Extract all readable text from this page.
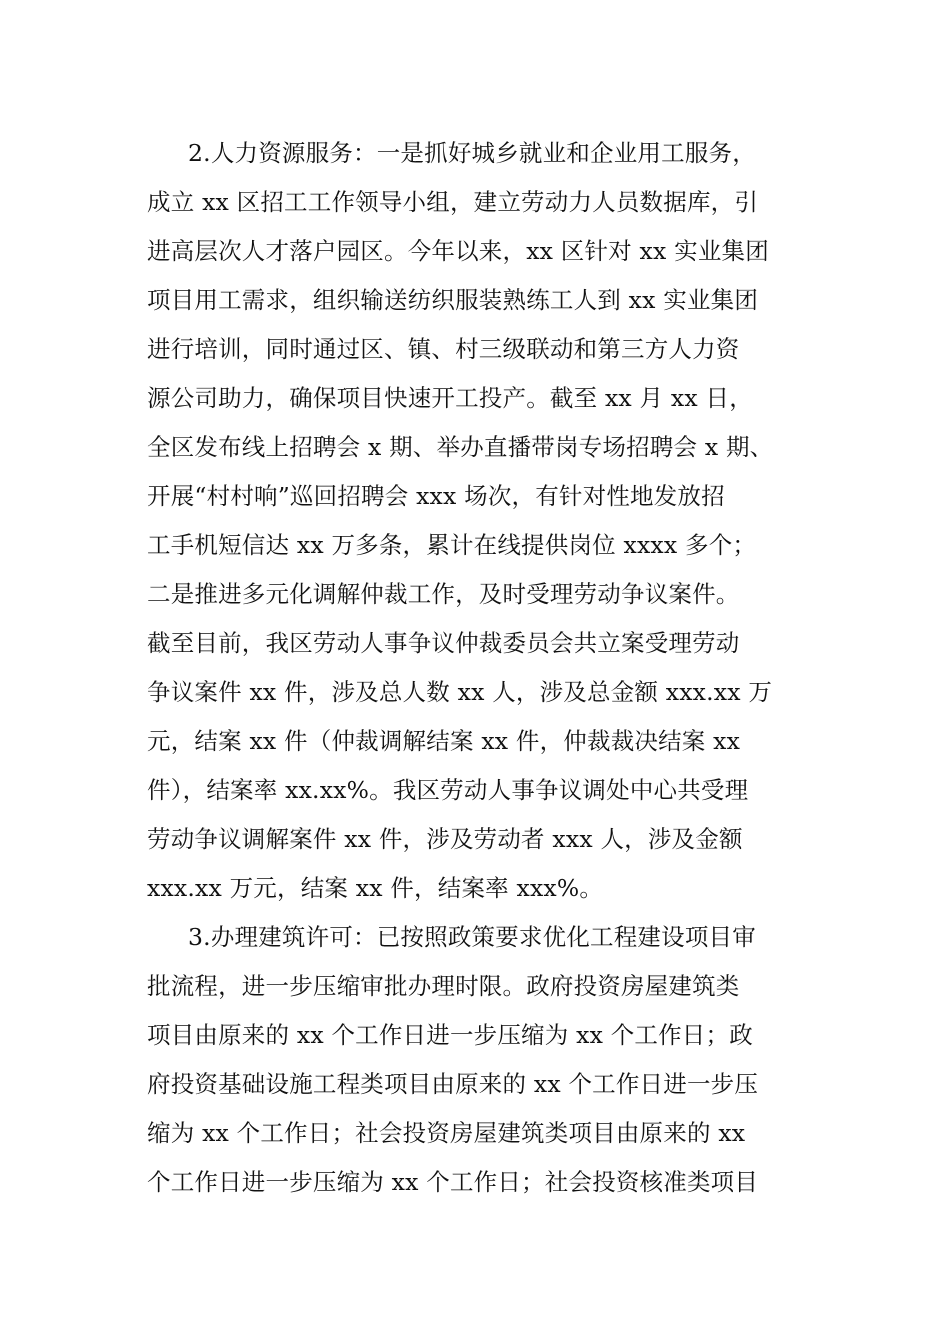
2.人力资源服务：一是抓好城乡就业和企业用工服务，
成立 xx 区招工工作领导小组，建立劳动力人员数据库，引
进高层次人才落户园区。今年以来，xx 区针对 xx 实业集团
项目用工需求，组织输送纺织服装熟练工人到 xx 实业集团
进行培训，同时通过区、镇、村三级联动和第三方人力资
源公司助力，确保项目快速开工投产。截至 xx 月 xx 日，
全区发布线上招聘会 x 期、举办直播带岗专场招聘会 x 期、
开展“村村响”巡回招聘会 xxx 场次，有针对性地发放招
工手机短信达 xx 万多条，累计在线提供岗位 xxxx 多个；
二是推进多元化调解仲裁工作，及时受理劳动争议案件。
截至目前，我区劳动人事争议仲裁委员会共立案受理劳动
争议案件 xx 件，涉及总人数 xx 人，涉及总金额 xxx.xx 万
元，结案 xx 件（仲裁调解结案 xx 件，仲裁裁决结案 xx
件），结案率 xx.xx%。我区劳动人事争议调处中心共受理
劳动争议调解案件 xx 件，涉及劳动者 xxx 人，涉及金额
xxx.xx 万元，结案 xx 件，结案率 xxx%。
3.办理建筑许可：已按照政策要求优化工程建设项目审
批流程，进一步压缩审批办理时限。政府投资房屋建筑类
项目由原来的 xx 个工作日进一步压缩为 xx 个工作日；政
府投资基础设施工程类项目由原来的 xx 个工作日进一步压
缩为 xx 个工作日；社会投资房屋建筑类项目由原来的 xx
个工作日进一步压缩为 xx 个工作日；社会投资核准类项目
